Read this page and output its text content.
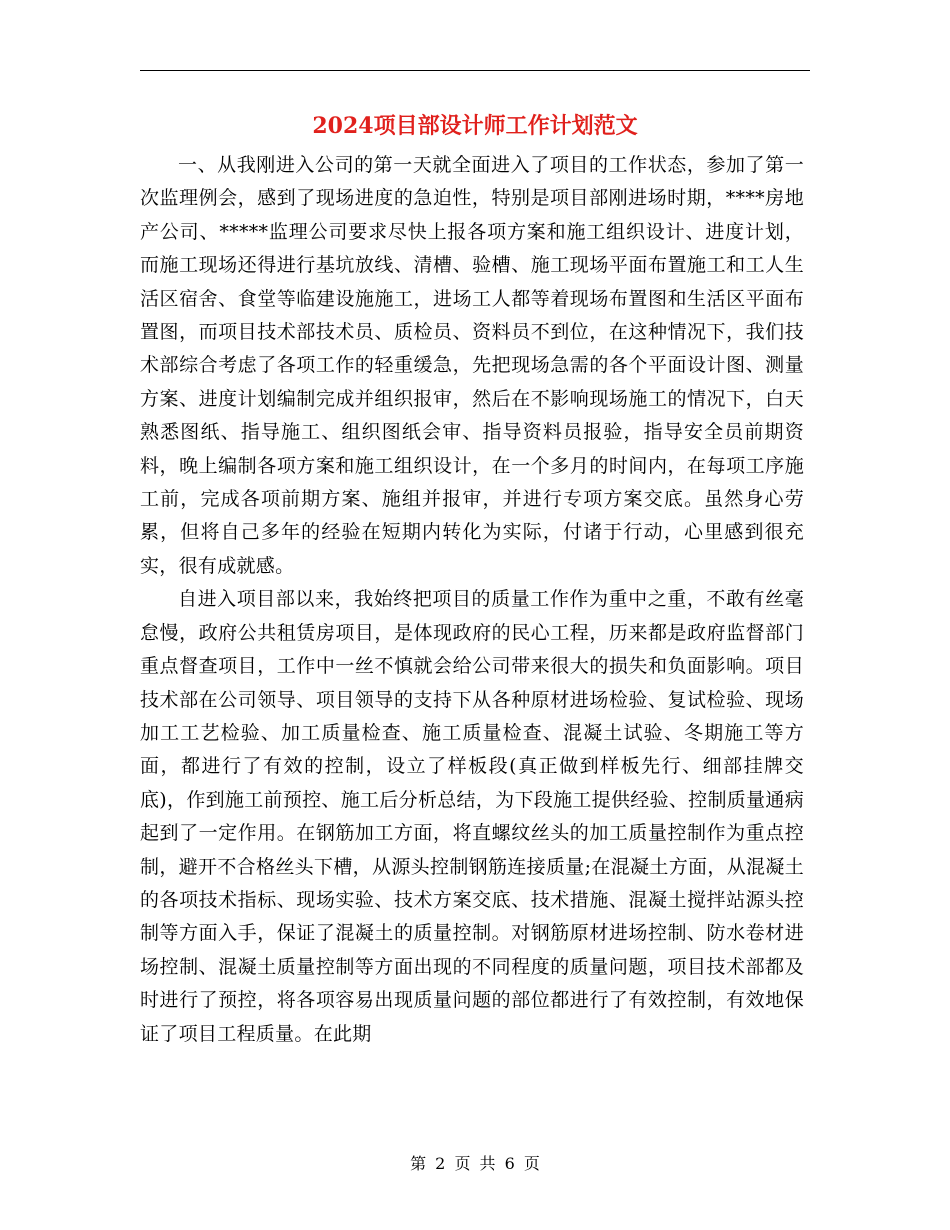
2024项目部设计师工作计划范文

一、从我刚进入公司的第一天就全面进入了项目的工作状态，参加了第一次监理例会，感到了现场进度的急迫性，特别是项目部刚进场时期，****房地产公司、*****监理公司要求尽快上报各项方案和施工组织设计、进度计划，而施工现场还得进行基坑放线、清槽、验槽、施工现场平面布置施工和工人生活区宿舍、食堂等临建设施施工，进场工人都等着现场布置图和生活区平面布置图，而项目技术部技术员、质检员、资料员不到位，在这种情况下，我们技术部综合考虑了各项工作的轻重缓急，先把现场急需的各个平面设计图、测量方案、进度计划编制完成并组织报审，然后在不影响现场施工的情况下，白天熟悉图纸、指导施工、组织图纸会审、指导资料员报验，指导安全员前期资料，晚上编制各项方案和施工组织设计，在一个多月的时间内，在每项工序施工前，完成各项前期方案、施组并报审，并进行专项方案交底。虽然身心劳累，但将自己多年的经验在短期内转化为实际，付诸于行动，心里感到很充实，很有成就感。

自进入项目部以来，我始终把项目的质量工作作为重中之重，不敢有丝毫怠慢，政府公共租赁房项目，是体现政府的民心工程，历来都是政府监督部门重点督查项目，工作中一丝不慎就会给公司带来很大的损失和负面影响。项目技术部在公司领导、项目领导的支持下从各种原材进场检验、复试检验、现场加工工艺检验、加工质量检查、施工质量检查、混凝土试验、冬期施工等方面，都进行了有效的控制，设立了样板段(真正做到样板先行、细部挂牌交底)，作到施工前预控、施工后分析总结，为下段施工提供经验、控制质量通病起到了一定作用。在钢筋加工方面，将直螺纹丝头的加工质量控制作为重点控制，避开不合格丝头下槽，从源头控制钢筋连接质量;在混凝土方面，从混凝土的各项技术指标、现场实验、技术方案交底、技术措施、混凝土搅拌站源头控制等方面入手，保证了混凝土的质量控制。对钢筋原材进场控制、防水卷材进场控制、混凝土质量控制等方面出现的不同程度的质量问题，项目技术部都及时进行了预控，将各项容易出现质量问题的部位都进行了有效控制，有效地保证了项目工程质量。在此期

第 2 页 共 6 页
